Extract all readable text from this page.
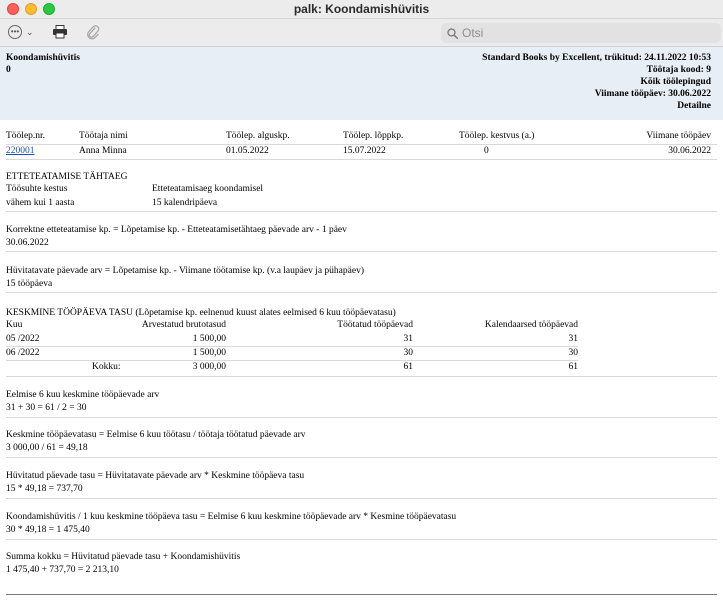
palk: Koondamishüvitis
••• ⌄
Otsi
Koondamishüvitis
0
Standard Books by Excellent, trükitud: 24.11.2022 10:53
Töötaja kood: 9
Kõik töölepingud
Viimane tööpäev: 30.06.2022
Detailne
Töölep.nr.	Töötaja nimi	Töölep. alguskp.	Töölep. lõppkp.	Töölep. kestvus (a.)	Viimane tööpäev
220001	Anna Minna	01.05.2022	15.07.2022	0	30.06.2022
ETTETEATAMISE TÄHTAEG
Töösuhte kestus	Etteteatamisaeg koondamisel
vähem kui 1 aasta	15 kalendripäeva
Korrektne etteteatamise kp. = Lõpetamise kp. - Etteteatamisetähtaeg päevade arv - 1 päev
30.06.2022
Hüvitatavate päevade arv = Lõpetamise kp. - Viimane töötamise kp. (v.a laupäev ja pühapäev)
15 tööpäeva
KESKMINE TÖÖPÄEVA TASU (Lõpetamise kp. eelnenud kuust alates eelmised 6 kuu tööpäevatasu)
Kuu	Arvestatud brutotasud	Töötatud tööpäevad	Kalendaarsed tööpäevad
05 /2022	1 500,00	31	31
06 /2022	1 500,00	30	30
Kokku:	3 000,00	61	61
Eelmise 6 kuu keskmine tööpäevade arv
31 + 30 = 61 / 2 = 30
Keskmine tööpäevatasu = Eelmise 6 kuu töötasu / töötaja töötatud päevade arv
3 000,00 / 61 = 49,18
Hüvitatud päevade tasu = Hüvitatavate päevade arv * Keskmine tööpäeva tasu
15 * 49,18 = 737,70
Koondamishüvitis / 1 kuu keskmine tööpäeva tasu = Eelmise 6 kuu keskmine tööpäevade arv * Kesmine tööpäevatasu
30 * 49,18 = 1 475,40
Summa kokku = Hüvitatud päevade tasu + Koondamishüvitis
1 475,40 + 737,70 = 2 213,10
